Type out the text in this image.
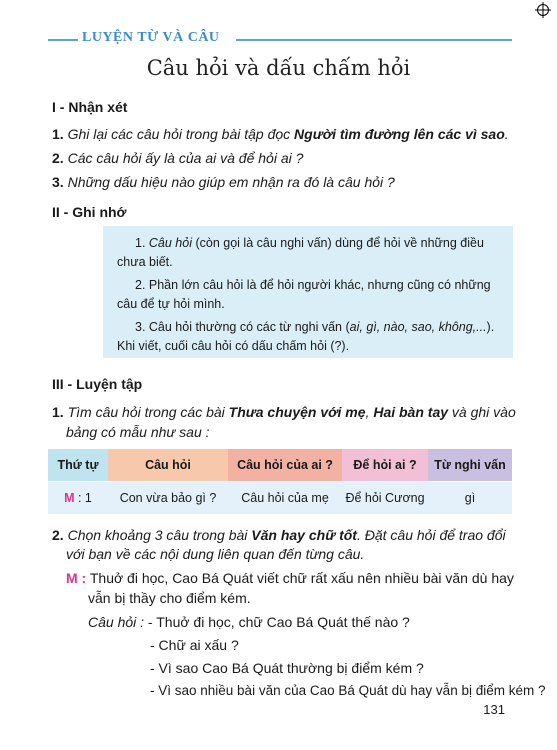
LUYỆN TỪ VÀ CÂU
Câu hỏi và dấu chấm hỏi
I - Nhận xét
1. Ghi lại các câu hỏi trong bài tập đọc Người tìm đường lên các vì sao.
2. Các câu hỏi ấy là của ai và để hỏi ai ?
3. Những dấu hiệu nào giúp em nhận ra đó là câu hỏi ?
II - Ghi nhớ

1. Câu hỏi (còn gọi là câu nghi vấn) dùng để hỏi về những điều chưa biết.

2. Phần lớn câu hỏi là để hỏi người khác, nhưng cũng có những câu để tự hỏi mình.

3. Câu hỏi thường có các từ nghi vấn (ai, gì, nào, sao, không,...). Khi viết, cuối câu hỏi có dấu chấm hỏi (?).

III - Luyện tập
1. Tìm câu hỏi trong các bài Thưa chuyện với mẹ, Hai bàn tay và ghi vào
bảng có mẫu như sau :
Thứ tự	Câu hỏi	Câu hỏi của ai ?	Để hỏi ai ?	Từ nghi vấn
M : 1	Con vừa bảo gì ?	Câu hỏi của mẹ	Để hỏi Cương	gì
2. Chọn khoảng 3 câu trong bài Văn hay chữ tốt. Đặt câu hỏi để trao đổi
với bạn về các nội dung liên quan đến từng câu.
M : Thuở đi học, Cao Bá Quát viết chữ rất xấu nên nhiều bài văn dù hay
vẫn bị thầy cho điểm kém.
Câu hỏi : - Thuở đi học, chữ Cao Bá Quát thế nào ?
- Chữ ai xấu ?
- Vì sao Cao Bá Quát thường bị điểm kém ?
- Vì sao nhiều bài văn của Cao Bá Quát dù hay vẫn bị điểm kém ?
131
